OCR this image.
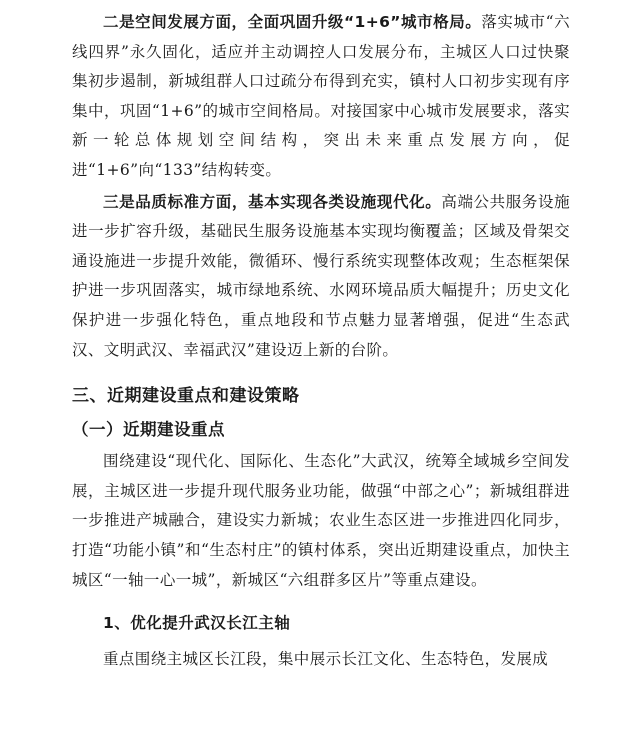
二是空间发展方面，全面巩固升级“1+6”城市格局。落实城市“六线四界”永久固化，适应并主动调控人口发展分布，主城区人口过快聚集初步遏制，新城组群人口过疏分布得到充实，镇村人口初步实现有序集中，巩固“1+6”的城市空间格局。对接国家中心城市发展要求，落实新一轮总体规划空间结构，突出未来重点发展方向，促进“1+6”向“133”结构转变。

三是品质标准方面，基本实现各类设施现代化。高端公共服务设施进一步扩容升级，基础民生服务设施基本实现均衡覆盖；区域及骨架交通设施进一步提升效能，微循环、慢行系统实现整体改观；生态框架保护进一步巩固落实，城市绿地系统、水网环境品质大幅提升；历史文化保护进一步强化特色，重点地段和节点魅力显著增强，促进“生态武汉、文明武汉、幸福武汉”建设迈上新的台阶。

三、近期建设重点和建设策略
（一）近期建设重点

围绕建设“现代化、国际化、生态化”大武汉，统筹全域城乡空间发展，主城区进一步提升现代服务业功能，做强“中部之心”；新城组群进一步推进产城融合，建设实力新城；农业生态区进一步推进四化同步，打造“功能小镇”和“生态村庄”的镇村体系，突出近期建设重点，加快主城区“一轴一心一城”，新城区“六组群多区片”等重点建设。

1、优化提升武汉长江主轴

重点围绕主城区长江段，集中展示长江文化、生态特色，发展成
